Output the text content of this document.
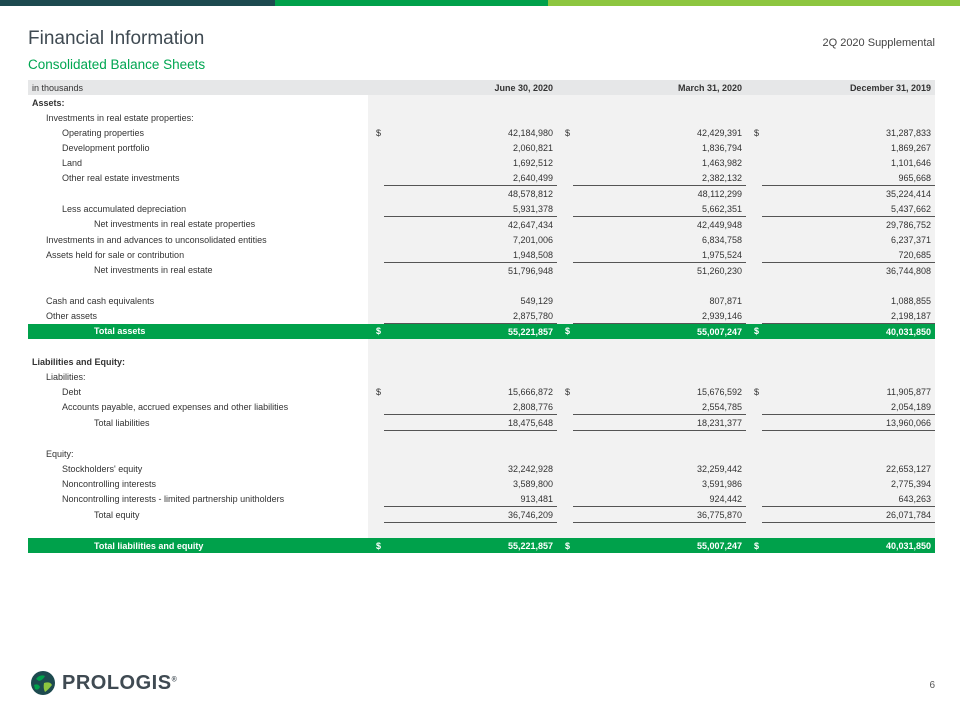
Financial Information
Consolidated Balance Sheets
2Q 2020 Supplemental
in thousands		June 30, 2020		March 31, 2020		December 31, 2019
Assets:						
Investments in real estate properties:						
Operating properties	$	42,184,980	$	42,429,391	$	31,287,833
Development portfolio		2,060,821		1,836,794		1,869,267
Land		1,692,512		1,463,982		1,101,646
Other real estate investments		2,640,499		2,382,132		965,668
		48,578,812		48,112,299		35,224,414
Less accumulated depreciation		5,931,378		5,662,351		5,437,662
Net investments in real estate properties		42,647,434		42,449,948		29,786,752
Investments in and advances to unconsolidated entities		7,201,006		6,834,758		6,237,371
Assets held for sale or contribution		1,948,508		1,975,524		720,685
Net investments in real estate		51,796,948		51,260,230		36,744,808

Cash and cash equivalents		549,129		807,871		1,088,855
Other assets		2,875,780		2,939,146		2,198,187
Total assets	$	55,221,857	$	55,007,247	$	40,031,850

Liabilities and Equity:						
Liabilities:						
Debt	$	15,666,872	$	15,676,592	$	11,905,877
Accounts payable, accrued expenses and other liabilities		2,808,776		2,554,785		2,054,189
Total liabilities		18,475,648		18,231,377		13,960,066

Equity:						
Stockholders' equity		32,242,928		32,259,442		22,653,127
Noncontrolling interests		3,589,800		3,591,986		2,775,394
Noncontrolling interests - limited partnership unitholders		913,481		924,442		643,263
Total equity		36,746,209		36,775,870		26,071,784

Total liabilities and equity	$	55,221,857	$	55,007,247	$	40,031,850
PROLOGIS®
6
